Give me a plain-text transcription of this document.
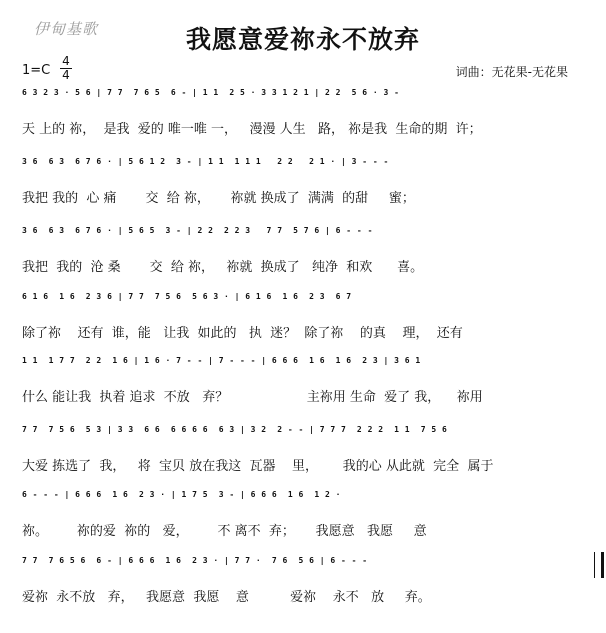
伊甸基歌	我愿意爱祢永不放弃
1=C
4
4	词曲：无花果-无花果
6 3 2 3 · 5 6 | 7 7  7 6 5  6 - | 1 1  2 5 · 3 3 1 2 1 | 2 2  5 6 · 3 -
天 上的 祢，  是我  爱的 唯一唯 一，   漫漫 人生   路， 祢是我  生命的期  许；
3 6  6 3  6 7 6 · | 5 6 1 2  3 - | 1 1  1 1 1   2 2   2 1 · | 3 - - -
我把 我的  心 痛       交  给 祢，     祢就 换成了  满满  的甜     蜜；
3 6  6 3  6 7 6 · | 5 6 5  3 - | 2 2  2 2 3   7 7  5 7 6 | 6 - - -
我把  我的  沧 桑       交  给 祢，   祢就  换成了   纯净  和欢      喜。
6 1 6  1 6  2 3 6 | 7 7  7 5 6  5 6 3 · | 6 1 6  1 6  2 3  6 7
除了祢    还有  谁，能   让我  如此的   执  迷？  除了祢    的真    理，  还有
1 1  1 7 7  2 2  1 6 | 1 6 · 7 - - | 7 - - - | 6 6 6  1 6  1 6  2 3 | 3 6 1
什么 能让我  执着 追求  不放   弃？                   主祢用 生命  爱了 我，    祢用
7 7  7 5 6  5 3 | 3 3  6 6  6 6 6 6  6 3 | 3 2  2 - - | 7 7 7  2 2 2  1 1  7 5 6
大爱 拣选了  我，   将  宝贝 放在我这  瓦器    里，      我的心 从此就  完全  属于
6 - - - | 6 6 6  1 6  2 3 · | 1 7 5  3 - | 6 6 6  1 6  1 2 ·
祢。       祢的爱  祢的   爱，       不 离不  弃；     我愿意   我愿     意
7 7  7 6 5 6  6 - | 6 6 6  1 6  2 3 · | 7 7 ·  7 6  5 6 | 6 - - -
爱祢  永不放   弃，   我愿意  我愿    意          爱祢    永不   放     弃。
